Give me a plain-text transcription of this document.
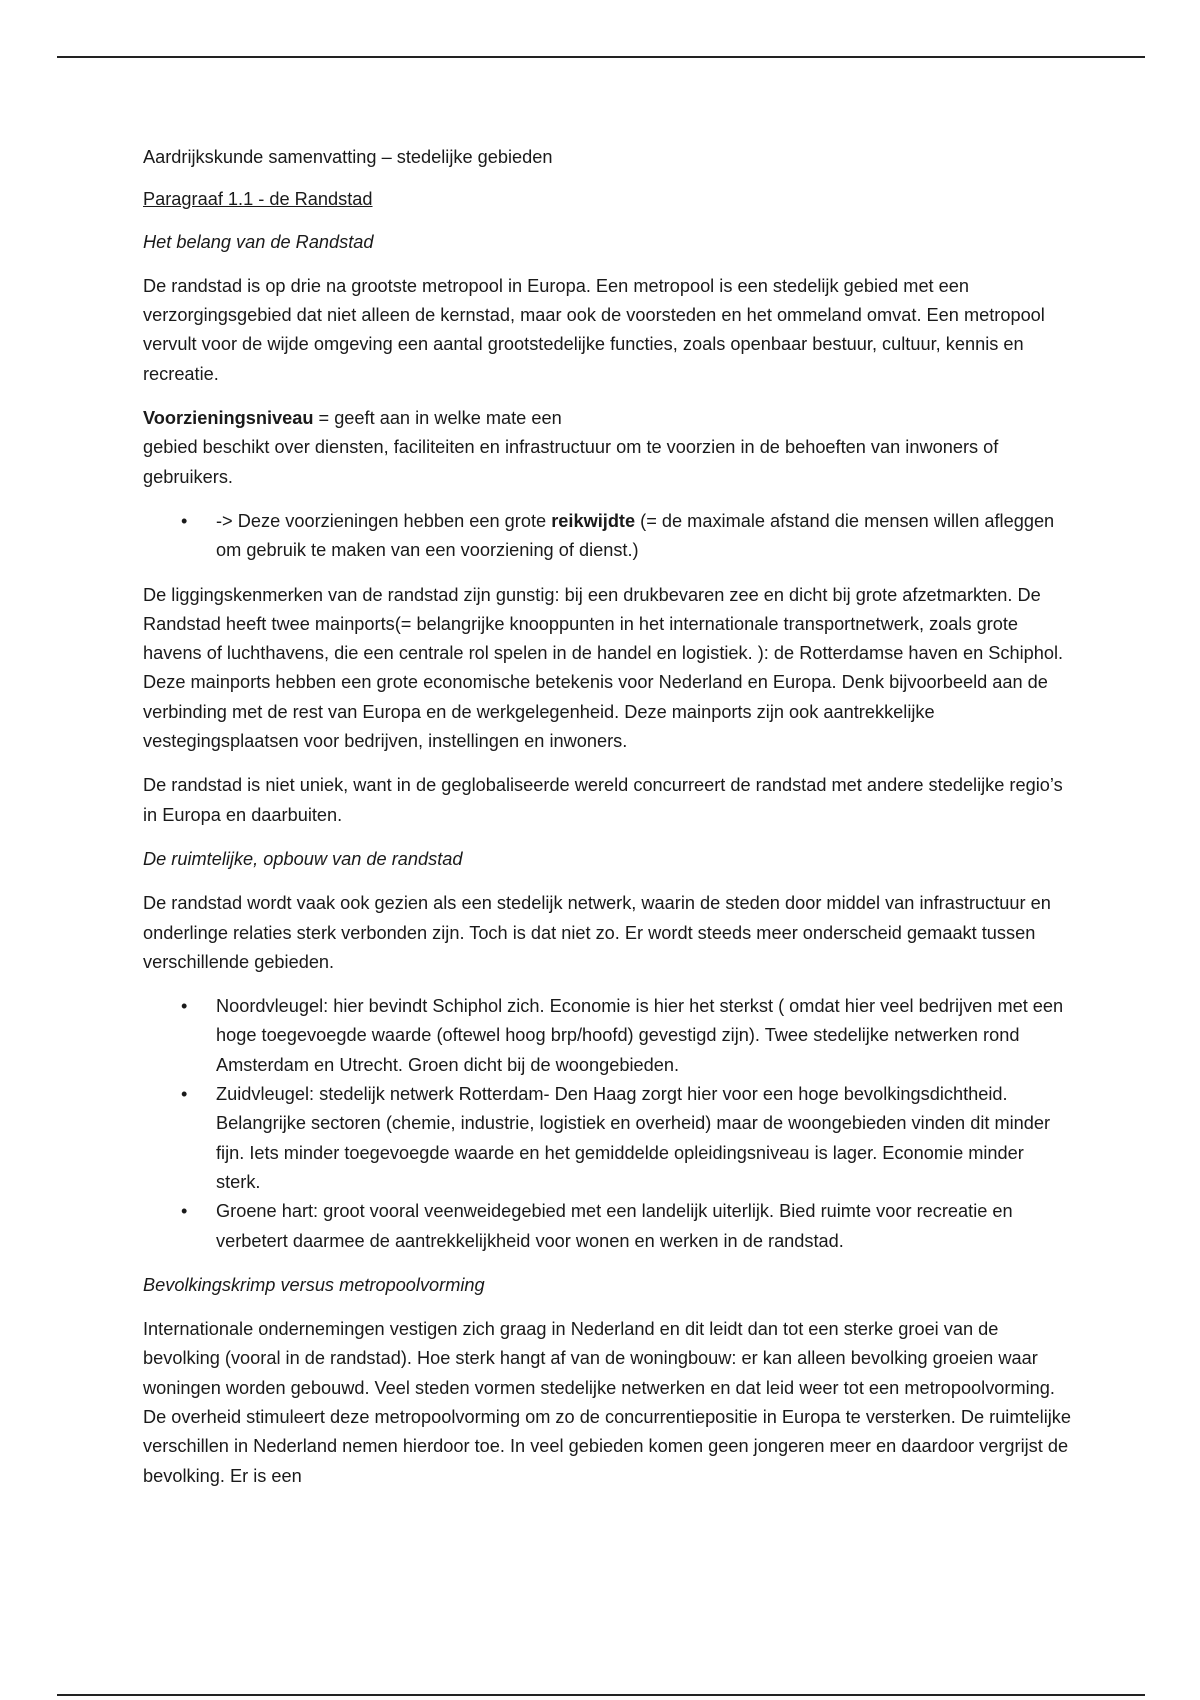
Aardrijkskunde samenvatting – stedelijke gebieden

Paragraaf 1.1 - de Randstad

Het belang van de Randstad

De randstad is op drie na grootste metropool in Europa. Een metropool is een stedelijk gebied met een verzorgingsgebied dat niet alleen de kernstad, maar ook de voorsteden en het ommeland omvat. Een metropool vervult voor de wijde omgeving een aantal grootstedelijke functies, zoals openbaar bestuur, cultuur, kennis en recreatie.

Voorzieningsniveau = geeft aan in welke mate een
gebied beschikt over diensten, faciliteiten en infrastructuur om te voorzien in de behoeften van inwoners of gebruikers.

• -> Deze voorzieningen hebben een grote reikwijdte (= de maximale afstand die mensen willen afleggen om gebruik te maken van een voorziening of dienst.)

De liggingskenmerken van de randstad zijn gunstig: bij een drukbevaren zee en dicht bij grote afzetmarkten. De Randstad heeft twee mainports(= belangrijke knooppunten in het internationale transportnetwerk, zoals grote havens of luchthavens, die een centrale rol spelen in de handel en logistiek. ): de Rotterdamse haven en Schiphol. Deze mainports hebben een grote economische betekenis voor Nederland en Europa. Denk bijvoorbeeld aan de verbinding met de rest van Europa en de werkgelegenheid. Deze mainports zijn ook aantrekkelijke vestegingsplaatsen voor bedrijven, instellingen en inwoners.

De randstad is niet uniek, want in de geglobaliseerde wereld concurreert de randstad met andere stedelijke regio’s in Europa en daarbuiten.

De ruimtelijke, opbouw van de randstad

De randstad wordt vaak ook gezien als een stedelijk netwerk, waarin de steden door middel van infrastructuur en onderlinge relaties sterk verbonden zijn. Toch is dat niet zo. Er wordt steeds meer onderscheid gemaakt tussen verschillende gebieden.

• Noordvleugel: hier bevindt Schiphol zich. Economie is hier het sterkst ( omdat hier veel bedrijven met een hoge toegevoegde waarde (oftewel hoog brp/hoofd) gevestigd zijn). Twee stedelijke netwerken rond Amsterdam en Utrecht. Groen dicht bij de woongebieden.
• Zuidvleugel: stedelijk netwerk Rotterdam- Den Haag zorgt hier voor een hoge bevolkingsdichtheid. Belangrijke sectoren (chemie, industrie, logistiek en overheid) maar de woongebieden vinden dit minder fijn. Iets minder toegevoegde waarde en het gemiddelde opleidingsniveau is lager. Economie minder sterk.
• Groene hart: groot vooral veenweidegebied met een landelijk uiterlijk. Bied ruimte voor recreatie en verbetert daarmee de aantrekkelijkheid voor wonen en werken in de randstad.

Bevolkingskrimp versus metropoolvorming

Internationale ondernemingen vestigen zich graag in Nederland en dit leidt dan tot een sterke groei van de bevolking (vooral in de randstad). Hoe sterk hangt af van de woningbouw: er kan alleen bevolking groeien waar woningen worden gebouwd. Veel steden vormen stedelijke netwerken en dat leid weer tot een metropoolvorming. De overheid stimuleert deze metropoolvorming om zo de concurrentiepositie in Europa te versterken. De ruimtelijke verschillen in Nederland nemen hierdoor toe. In veel gebieden komen geen jongeren meer en daardoor vergrijst de bevolking. Er is een
